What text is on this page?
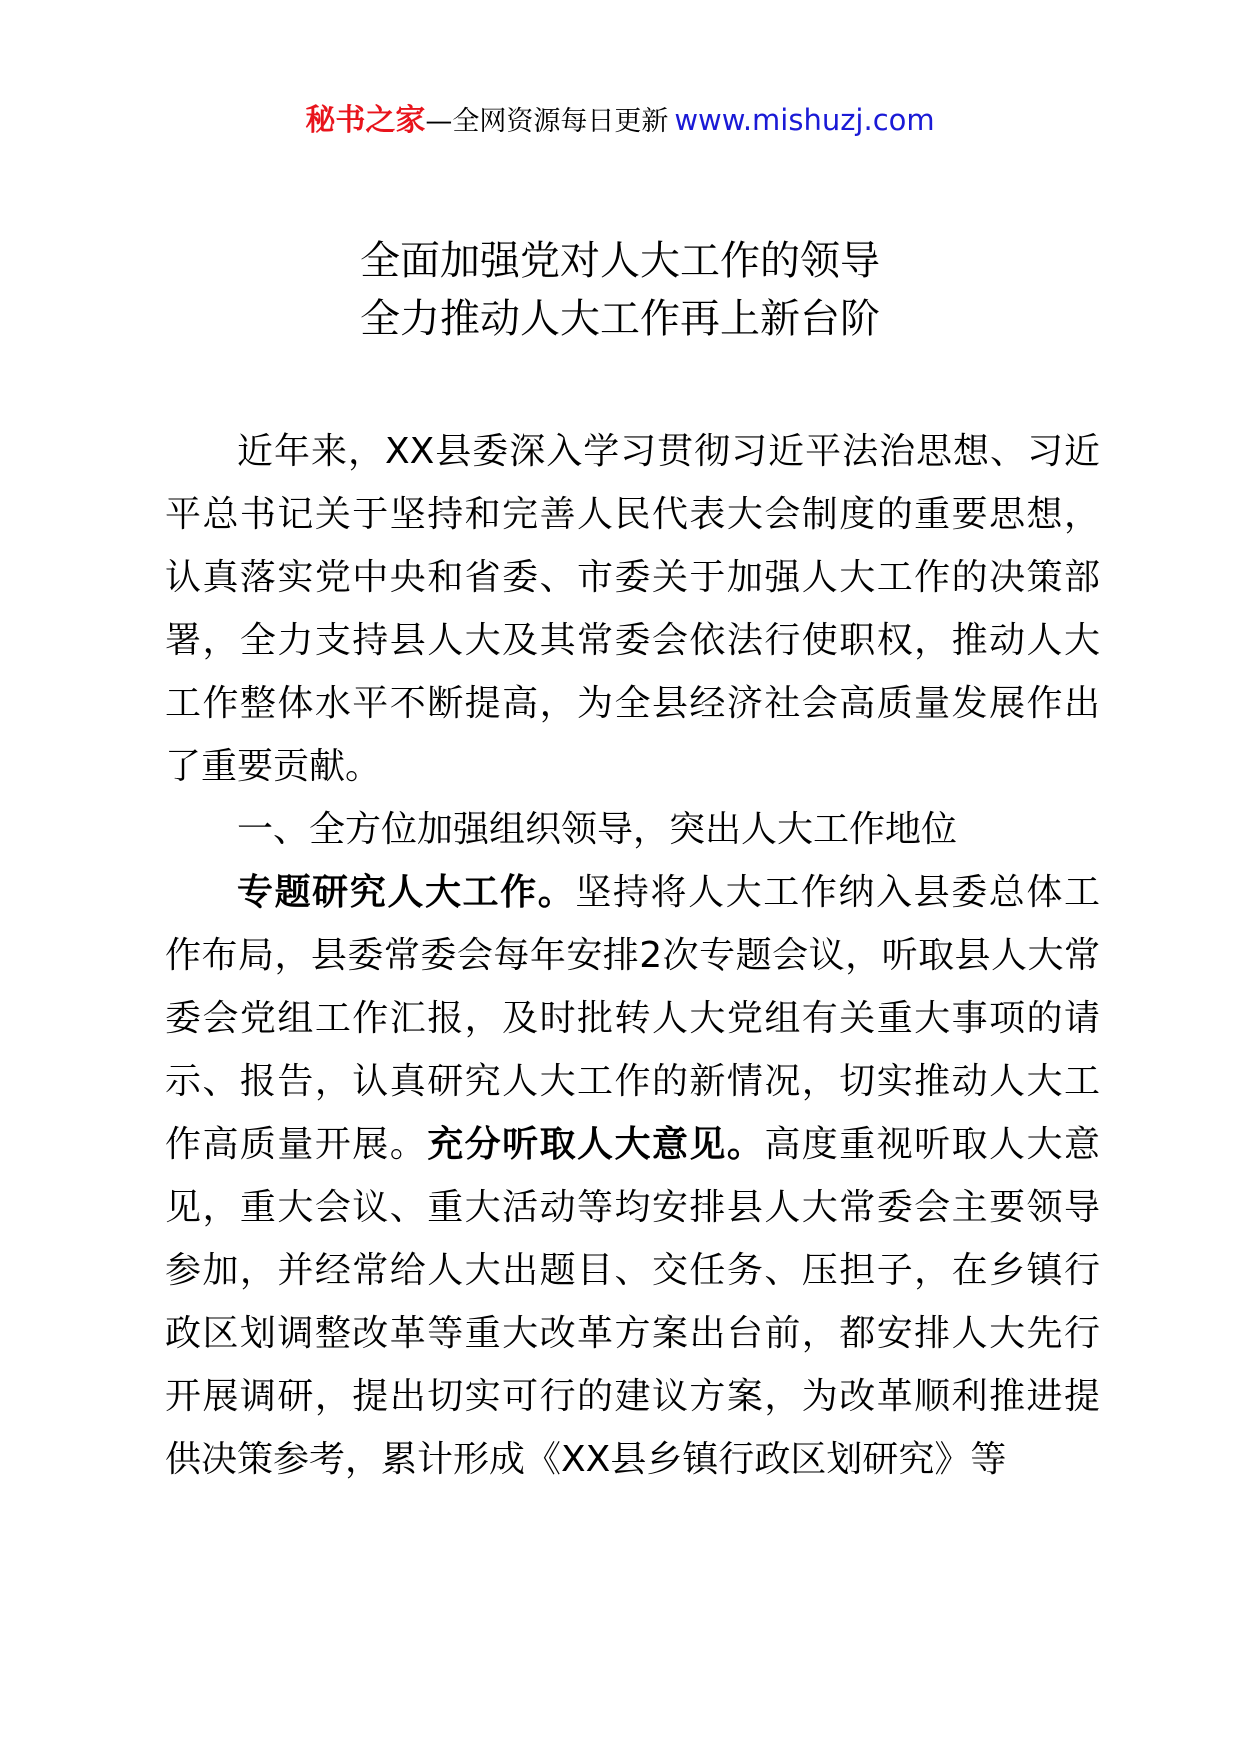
秘书之家—全网资源每日更新 www.mishuzj.com
全面加强党对人大工作的领导
全力推动人大工作再上新台阶

近年来，XX县委深入学习贯彻习近平法治思想、习近平总书记关于坚持和完善人民代表大会制度的重要思想，认真落实党中央和省委、市委关于加强人大工作的决策部署，全力支持县人大及其常委会依法行使职权，推动人大工作整体水平不断提高，为全县经济社会高质量发展作出了重要贡献。

一、全方位加强组织领导，突出人大工作地位

专题研究人大工作。坚持将人大工作纳入县委总体工作布局，县委常委会每年安排2次专题会议，听取县人大常委会党组工作汇报，及时批转人大党组有关重大事项的请示、报告，认真研究人大工作的新情况，切实推动人大工作高质量开展。充分听取人大意见。高度重视听取人大意见，重大会议、重大活动等均安排县人大常委会主要领导参加，并经常给人大出题目、交任务、压担子，在乡镇行政区划调整改革等重大改革方案出台前，都安排人大先行开展调研，提出切实可行的建议方案，为改革顺利推进提供决策参考，累计形成《XX县乡镇行政区划研究》等
